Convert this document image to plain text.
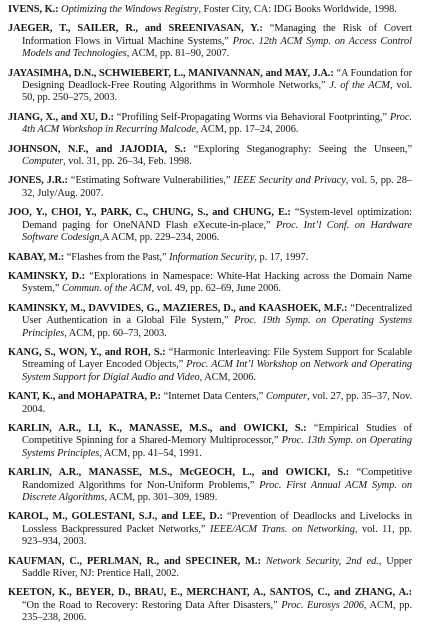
IVENS, K.: Optimizing the Windows Registry, Foster City, CA: IDG Books Worldwide, 1998.
JAEGER, T., SAILER, R., and SREENIVASAN, Y.: “Managing the Risk of Covert Information Flows in Virtual Machine Systems,” Proc. 12th ACM Symp. on Access Control Models and Technologies, ACM, pp. 81–90, 2007.
JAYASIMHA, D.N., SCHWIEBERT, L., MANIVANNAN, and MAY, J.A.: “A Foundation for Designing Deadlock-Free Routing Algorithms in Wormhole Networks,” J. of the ACM, vol. 50, pp. 250–275, 2003.
JIANG, X., and XU, D.: “Profiling Self-Propagating Worms via Behavioral Footprinting,” Proc. 4th ACM Workshop in Recurring Malcode, ACM, pp. 17–24, 2006.
JOHNSON, N.F., and JAJODIA, S.: “Exploring Steganography: Seeing the Unseen,” Computer, vol. 31, pp. 26–34, Feb. 1998.
JONES, J.R.: “Estimating Software Vulnerabilities,” IEEE Security and Privacy, vol. 5, pp. 28–32, July/Aug. 2007.
JOO, Y., CHOI, Y., PARK, C., CHUNG, S., and CHUNG, E.: “System-level optimization: Demand paging for OneNAND Flash eXecute-in-place,” Proc. Int’l Conf. on Hardware Software Codesign,A ACM, pp. 229–234, 2006.
KABAY, M.: “Flashes from the Past,” Information Security, p. 17, 1997.
KAMINSKY, D.: “Explorations in Namespace: White-Hat Hacking across the Domain Name System,” Commun. of the ACM, vol. 49, pp. 62–69, June 2006.
KAMINSKY, M., DAVVIDES, G., MAZIERES, D., and KAASHOEK, M.F.: “Decentralized User Authentication in a Global File System,” Proc. 19th Symp. on Operating Systems Principles, ACM, pp. 60–73, 2003.
KANG, S., WON, Y., and ROH, S.: “Harmonic Interleaving: File System Support for Scalable Streaming of Layer Encoded Objects,” Proc. ACM Int’l Workshop on Network and Operating System Support for Digial Audio and Video, ACM, 2006.
KANT, K., and MOHAPATRA, P.: “Internet Data Centers,” Computer, vol. 27, pp. 35–37, Nov. 2004.
KARLIN, A.R., LI, K., MANASSE, M.S., and OWICKI, S.: “Empirical Studies of Competitive Spinning for a Shared-Memory Multiprocessor,” Proc. 13th Symp. on Operating Systems Principles, ACM, pp. 41–54, 1991.
KARLIN, A.R., MANASSE, M.S., McGEOCH, L., and OWICKI, S.: “Competitive Randomized Algorithms for Non-Uniform Problems,” Proc. First Annual ACM Symp. on Discrete Algorithms, ACM, pp. 301–309, 1989.
KAROL, M., GOLESTANI, S.J., and LEE, D.: “Prevention of Deadlocks and Livelocks in Lossless Backpressured Packet Networks,” IEEE/ACM Trans. on Networking, vol. 11, pp. 923–934, 2003.
KAUFMAN, C., PERLMAN, R., and SPECINER, M.: Network Security, 2nd ed., Upper Saddle River, NJ: Prentice Hall, 2002.
KEETON, K., BEYER, D., BRAU, E., MERCHANT, A., SANTOS, C., and ZHANG, A.: “On the Road to Recovery: Restoring Data After Disasters,” Proc. Eurosys 2006, ACM, pp. 235–238, 2006.
